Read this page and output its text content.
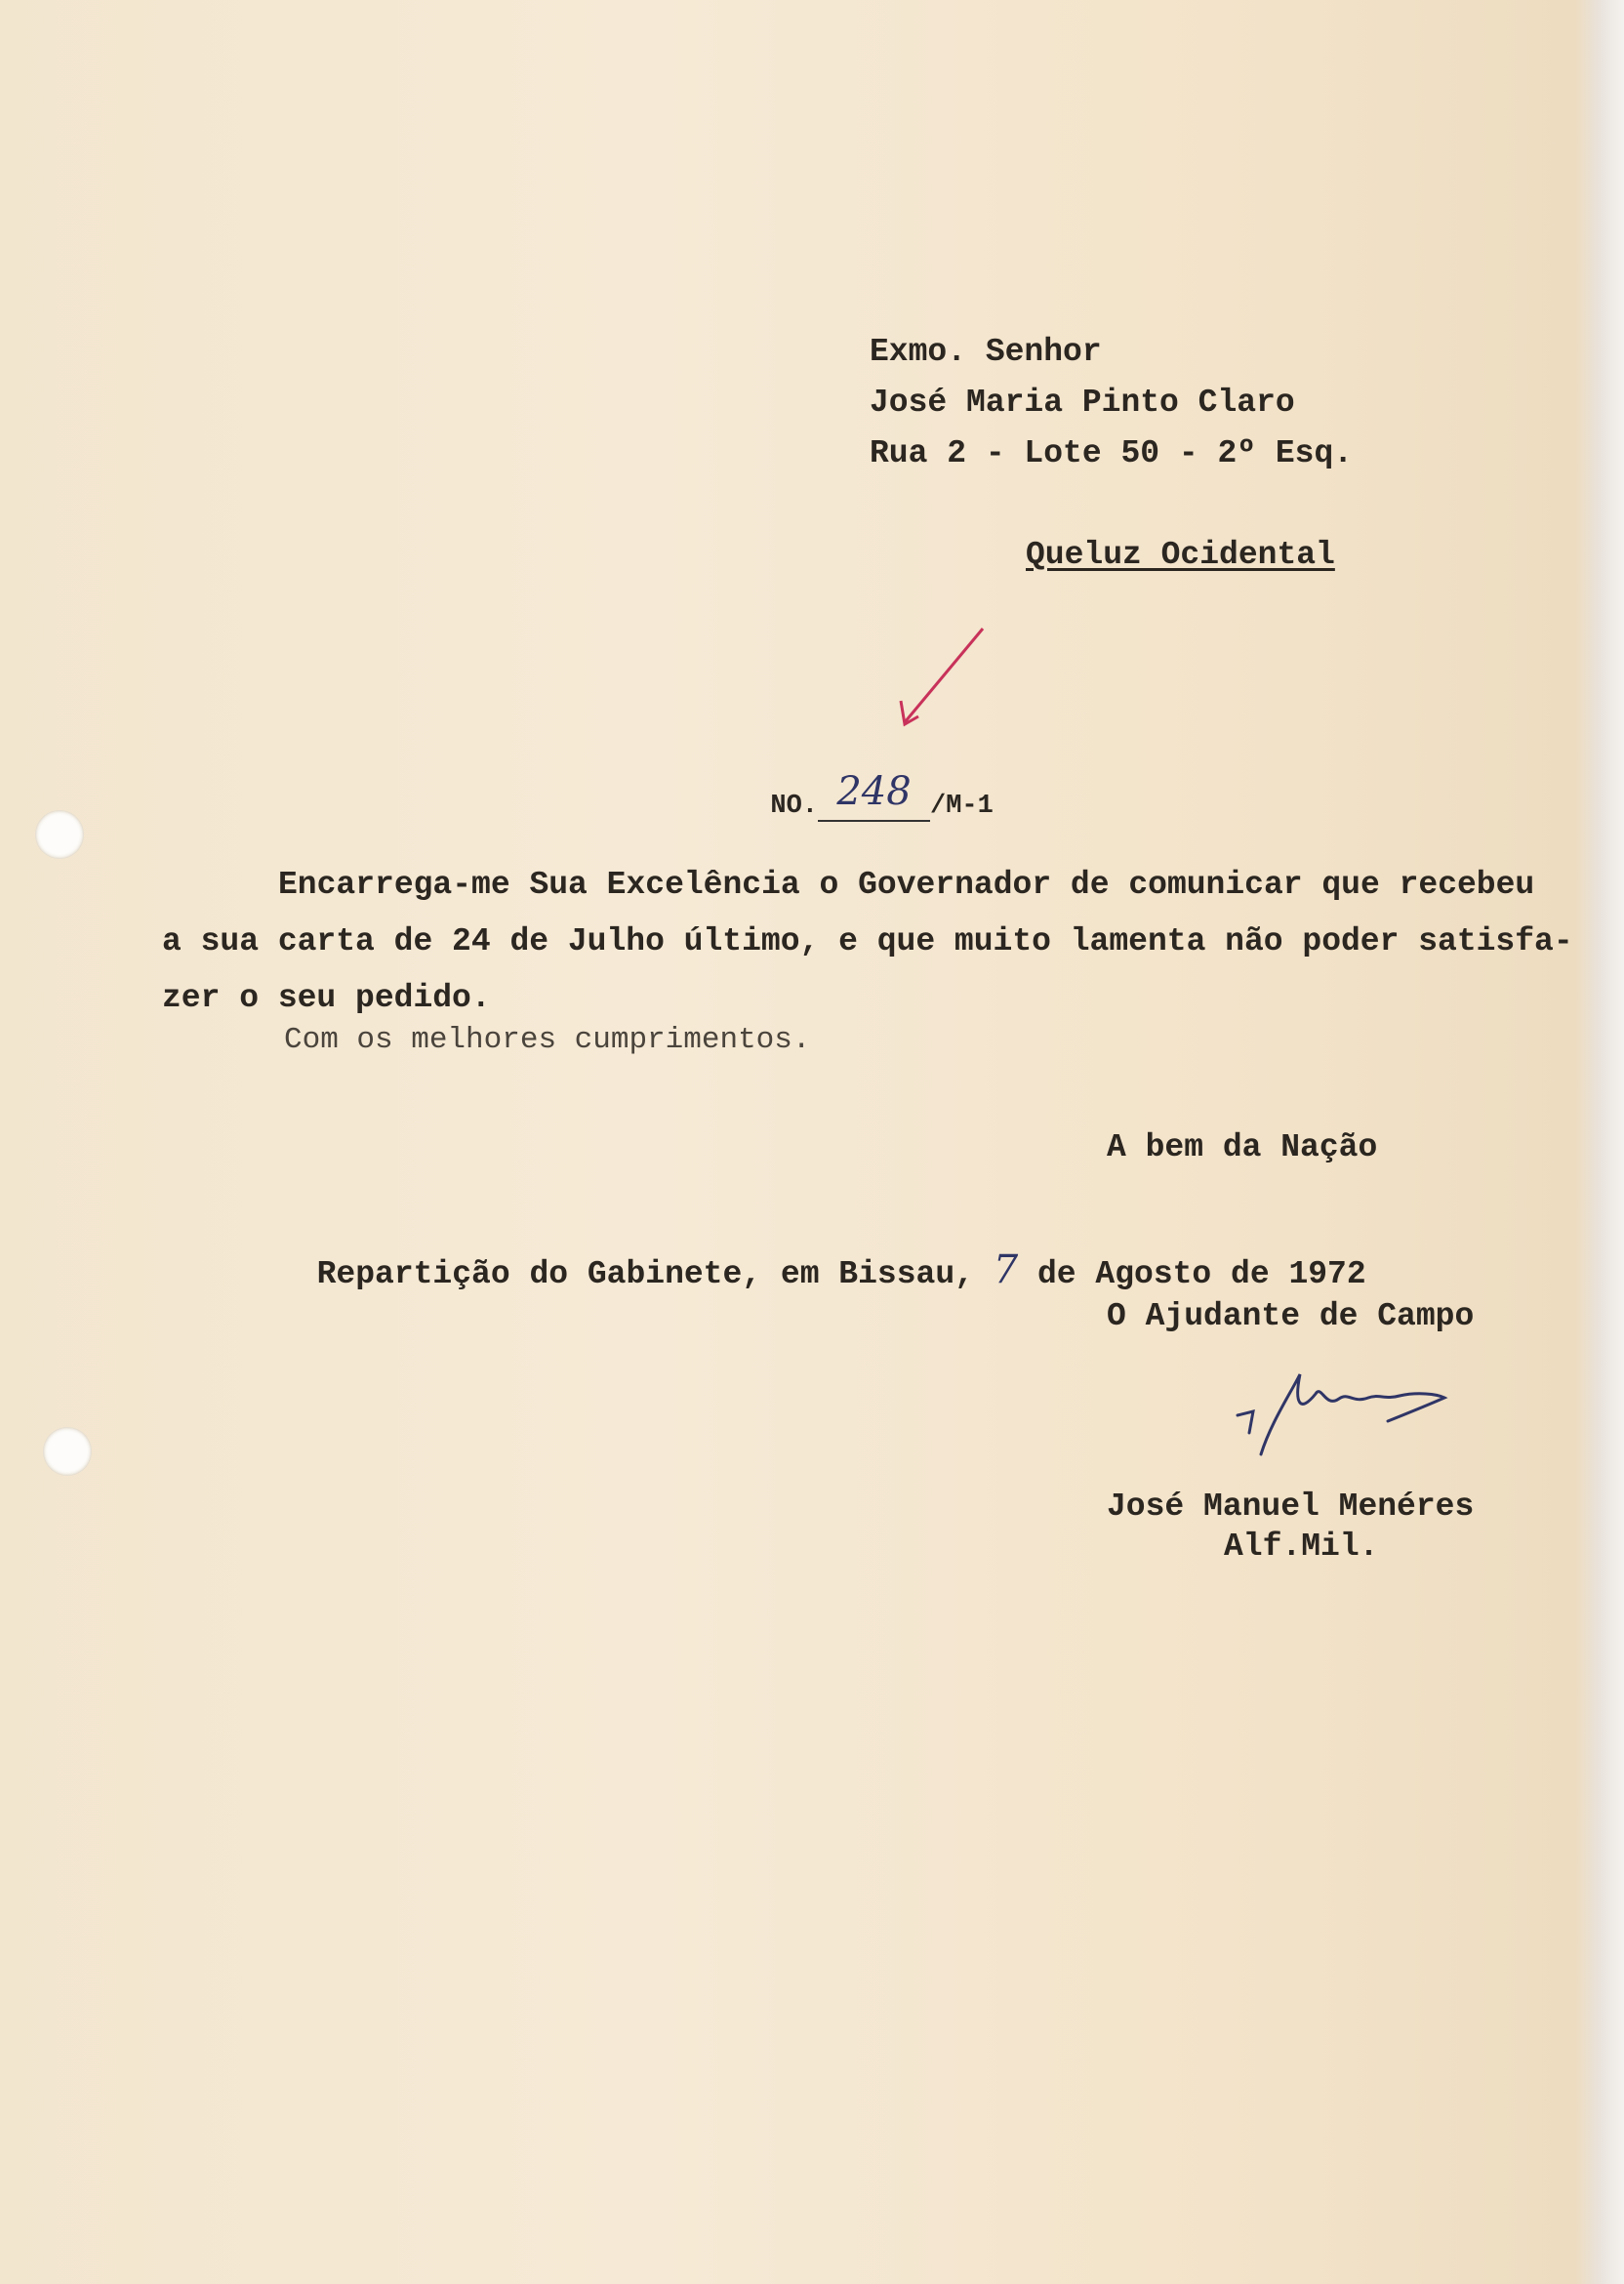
Exmo. Senhor
José Maria Pinto Claro
Rua 2 - Lote 50 - 2º Esq.
Queluz Ocidental

NO. 248 /M-1

Encarrega-me Sua Excelência o Governador de comunicar que recebeu
a sua carta de 24 de Julho último, e que muito lamenta não poder satisfa-
zer o seu pedido.
Com os melhores cumprimentos.
A bem da Nação

Repartição do Gabinete, em Bissau, 7 de Agosto de 1972

O Ajudante de Campo
José Manuel Menéres
Alf.Mil.
